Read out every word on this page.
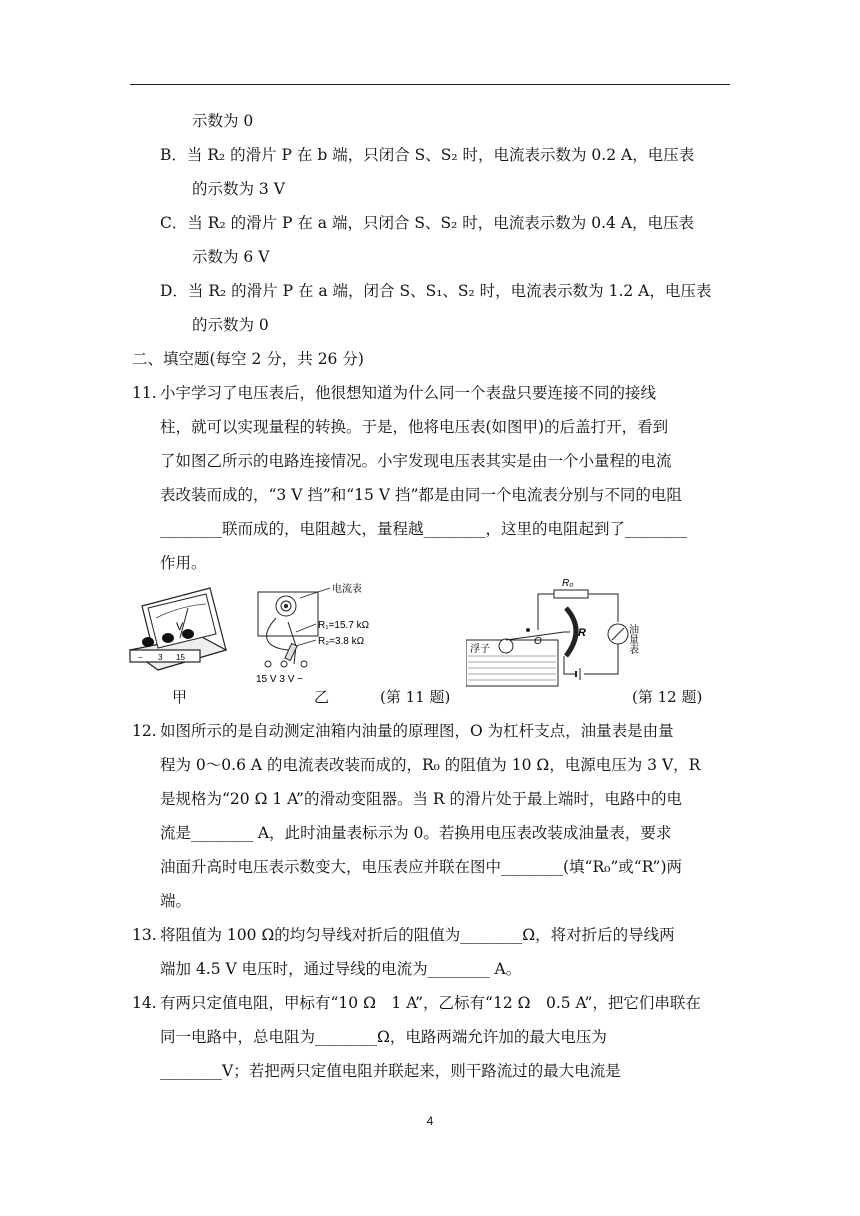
示数为 0
B．当 R₂ 的滑片 P 在 b 端，只闭合 S、S₂ 时，电流表示数为 0.2 A，电压表
的示数为 3 V
C．当 R₂ 的滑片 P 在 a 端，只闭合 S、S₂ 时，电流表示数为 0.4 A，电压表
示数为 6 V
D．当 R₂ 的滑片 P 在 a 端，闭合 S、S₁、S₂ 时，电流表示数为 1.2 A，电压表
的示数为 0
二、填空题(每空 2 分，共 26 分)
11. 小宇学习了电压表后，他很想知道为什么同一个表盘只要连接不同的接线
柱，就可以实现量程的转换。于是，他将电压表(如图甲)的后盖打开，看到
了如图乙所示的电路连接情况。小宇发现电压表其实是由一个小量程的电流
表改装而成的，“3 V 挡”和“15 V 挡”都是由同一个电流表分别与不同的电阻
________联而成的，电阻越大，量程越________，这里的电阻起到了________
作用。
V
− 3 15
甲
电流表
R₁=15.7 kΩ
R₂=3.8 kΩ
15 V 3 V −
乙	(第 11 题)
浮子
O
R
R₀
油量表
(第 12 题)
12. 如图所示的是自动测定油箱内油量的原理图，O 为杠杆支点，油量表是由量
程为 0～0.6 A 的电流表改装而成的，R₀ 的阻值为 10 Ω，电源电压为 3 V，R
是规格为“20 Ω 1 A”的滑动变阻器。当 R 的滑片处于最上端时，电路中的电
流是________ A，此时油量表标示为 0。若换用电压表改装成油量表，要求
油面升高时电压表示数变大，电压表应并联在图中________(填“R₀”或“R”)两
端。
13. 将阻值为 100 Ω的均匀导线对折后的阻值为________Ω，将对折后的导线两
端加 4.5 V 电压时，通过导线的电流为________ A。
14. 有两只定值电阻，甲标有“10 Ω　1 A”，乙标有“12 Ω　0.5 A”，把它们串联在
同一电路中，总电阻为________Ω，电路两端允许加的最大电压为
________V；若把两只定值电阻并联起来，则干路流过的最大电流是
4
